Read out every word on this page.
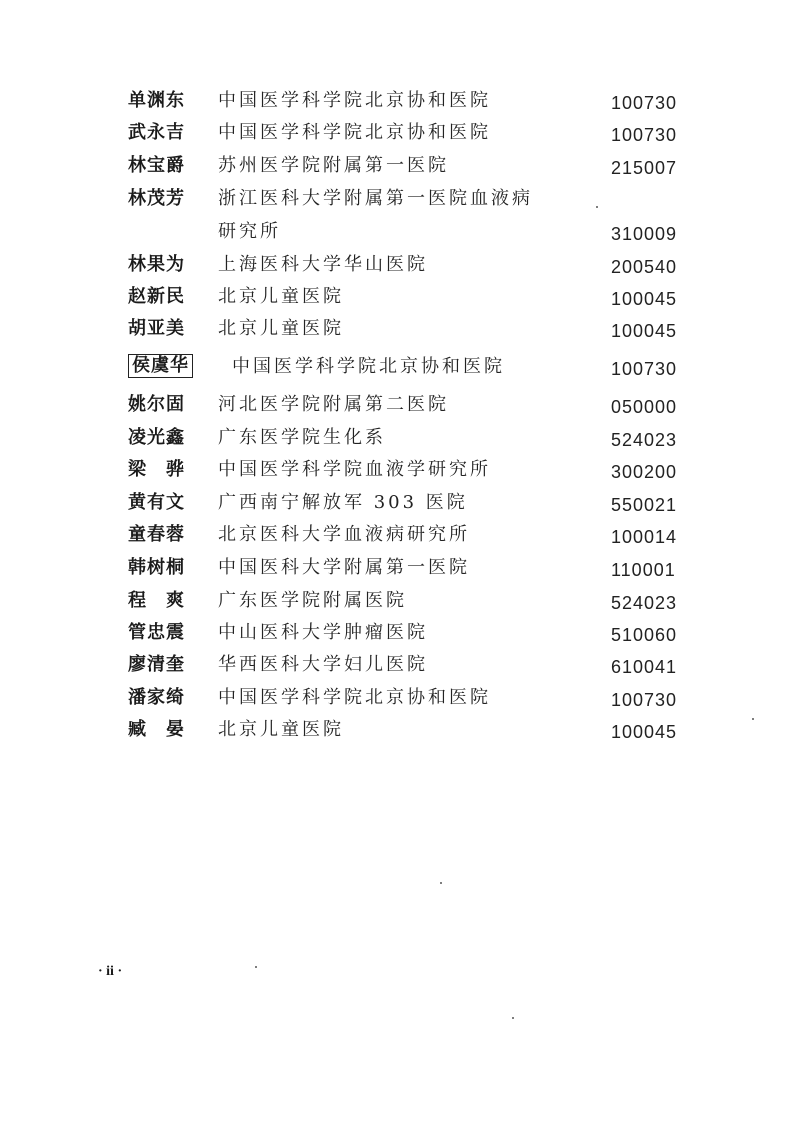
单渊东	中国医学科学院北京协和医院	100730
武永吉	中国医学科学院北京协和医院	100730
林宝爵	苏州医学院附属第一医院	215007
林茂芳	浙江医科大学附属第一医院血液病
研究所	310009
林果为	上海医科大学华山医院	200540
赵新民	北京儿童医院	100045
胡亚美	北京儿童医院	100045
侯虞华 中国医学科学院北京协和医院	100730
姚尔固	河北医学院附属第二医院	050000
凌光鑫	广东医学院生化系	524023
梁　骅	中国医学科学院血液学研究所	300200
黄有文	广西南宁解放军 303 医院	550021
童春蓉	北京医科大学血液病研究所	100014
韩树桐	中国医科大学附属第一医院	110001
程　爽	广东医学院附属医院	524023
管忠震	中山医科大学肿瘤医院	510060
廖清奎	华西医科大学妇儿医院	610041
潘家绮	中国医学科学院北京协和医院	100730
臧　晏	北京儿童医院	100045
· ii ·
